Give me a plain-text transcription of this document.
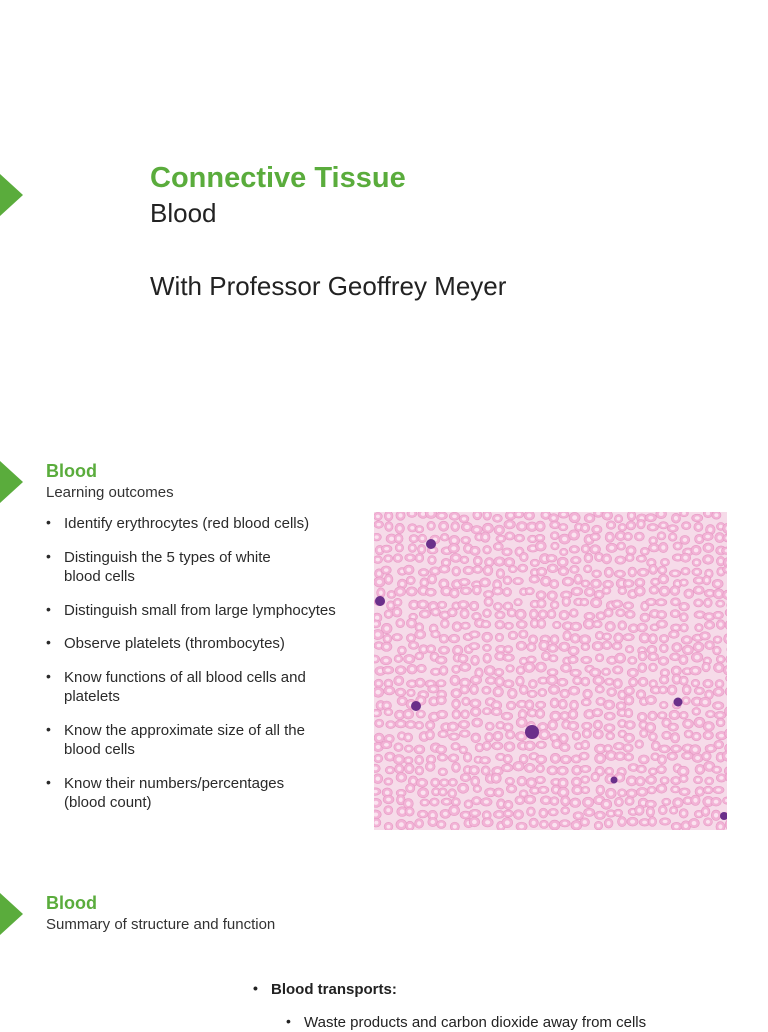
Connective Tissue
Blood
With Professor Geoffrey Meyer
Blood
Learning outcomes
• Identify erythrocytes (red blood cells)
• Distinguish the 5 types of white blood cells
• Distinguish small from large lymphocytes
• Observe platelets (thrombocytes)
• Know functions of all blood cells and platelets
• Know the approximate size of all the blood cells
• Know their numbers/percentages (blood count)
Blood
Summary of structure and function
• Blood transports:
• Waste products and carbon dioxide away from cells
